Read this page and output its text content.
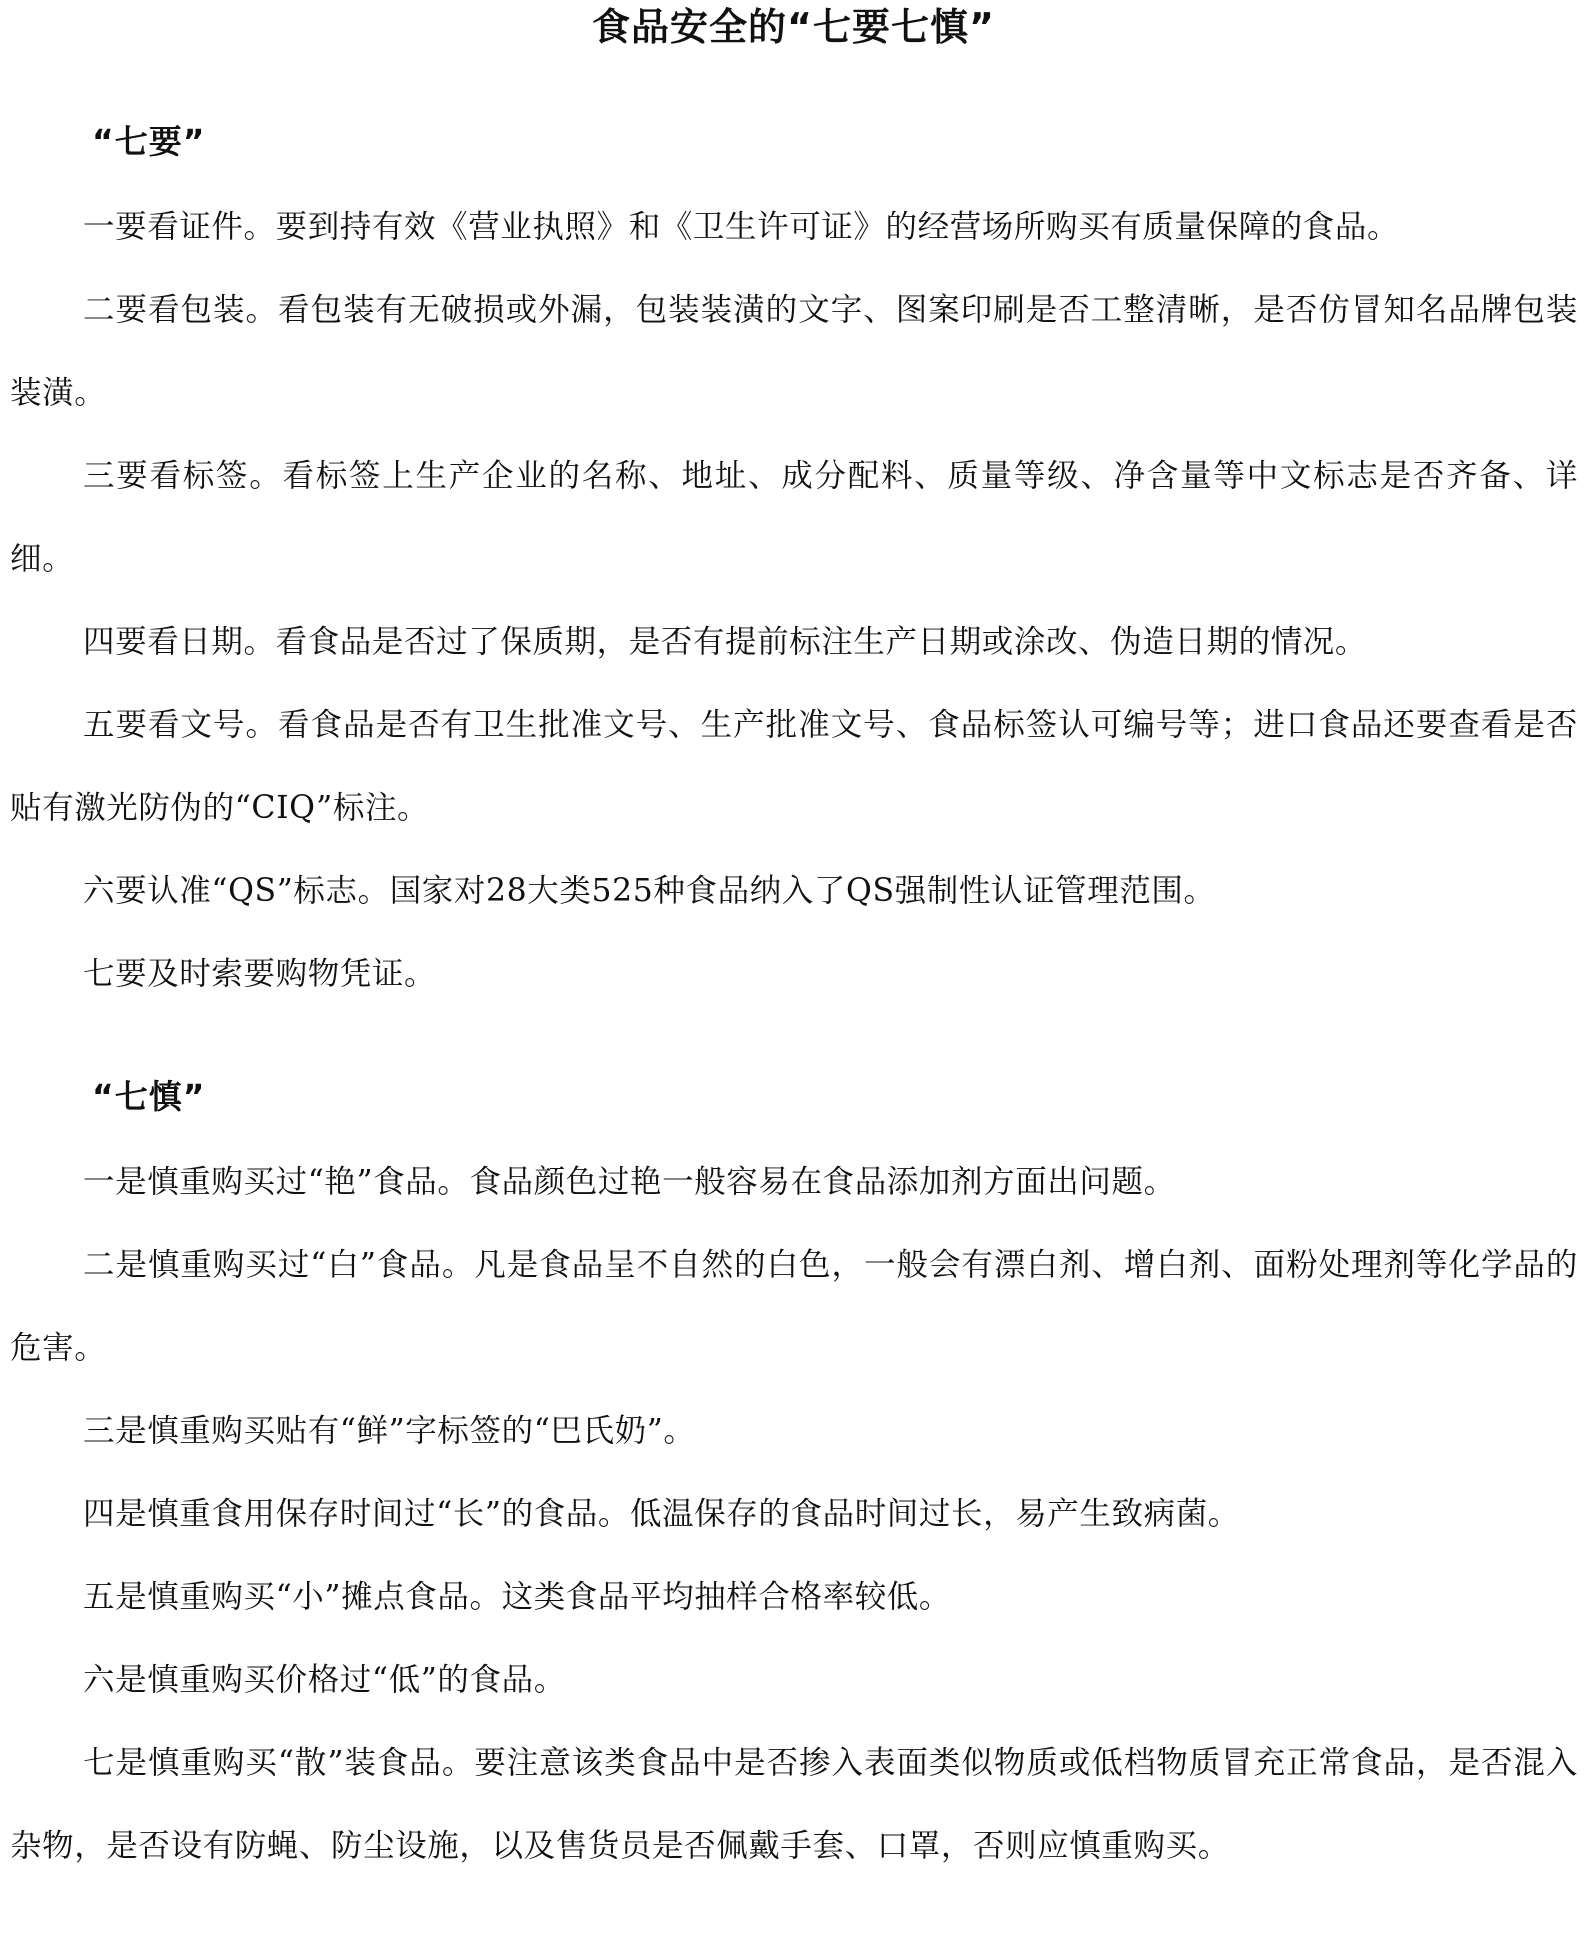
食品安全的“七要七慎”
“七要”

一要看证件。要到持有效《营业执照》和《卫生许可证》的经营场所购买有质量保障的食品。

二要看包装。看包装有无破损或外漏，包装装潢的文字、图案印刷是否工整清晰，是否仿冒知名品牌包装装潢。

三要看标签。看标签上生产企业的名称、地址、成分配料、质量等级、净含量等中文标志是否齐备、详细。

四要看日期。看食品是否过了保质期，是否有提前标注生产日期或涂改、伪造日期的情况。

五要看文号。看食品是否有卫生批准文号、生产批准文号、食品标签认可编号等；进口食品还要查看是否贴有激光防伪的“CIQ”标注。

六要认准“QS”标志。国家对28大类525种食品纳入了QS强制性认证管理范围。

七要及时索要购物凭证。

“七慎”

一是慎重购买过“艳”食品。食品颜色过艳一般容易在食品添加剂方面出问题。

二是慎重购买过“白”食品。凡是食品呈不自然的白色，一般会有漂白剂、增白剂、面粉处理剂等化学品的危害。

三是慎重购买贴有“鲜”字标签的“巴氏奶”。

四是慎重食用保存时间过“长”的食品。低温保存的食品时间过长，易产生致病菌。

五是慎重购买“小”摊点食品。这类食品平均抽样合格率较低。

六是慎重购买价格过“低”的食品。

七是慎重购买“散”装食品。要注意该类食品中是否掺入表面类似物质或低档物质冒充正常食品，是否混入杂物，是否设有防蝇、防尘设施，以及售货员是否佩戴手套、口罩，否则应慎重购买。
